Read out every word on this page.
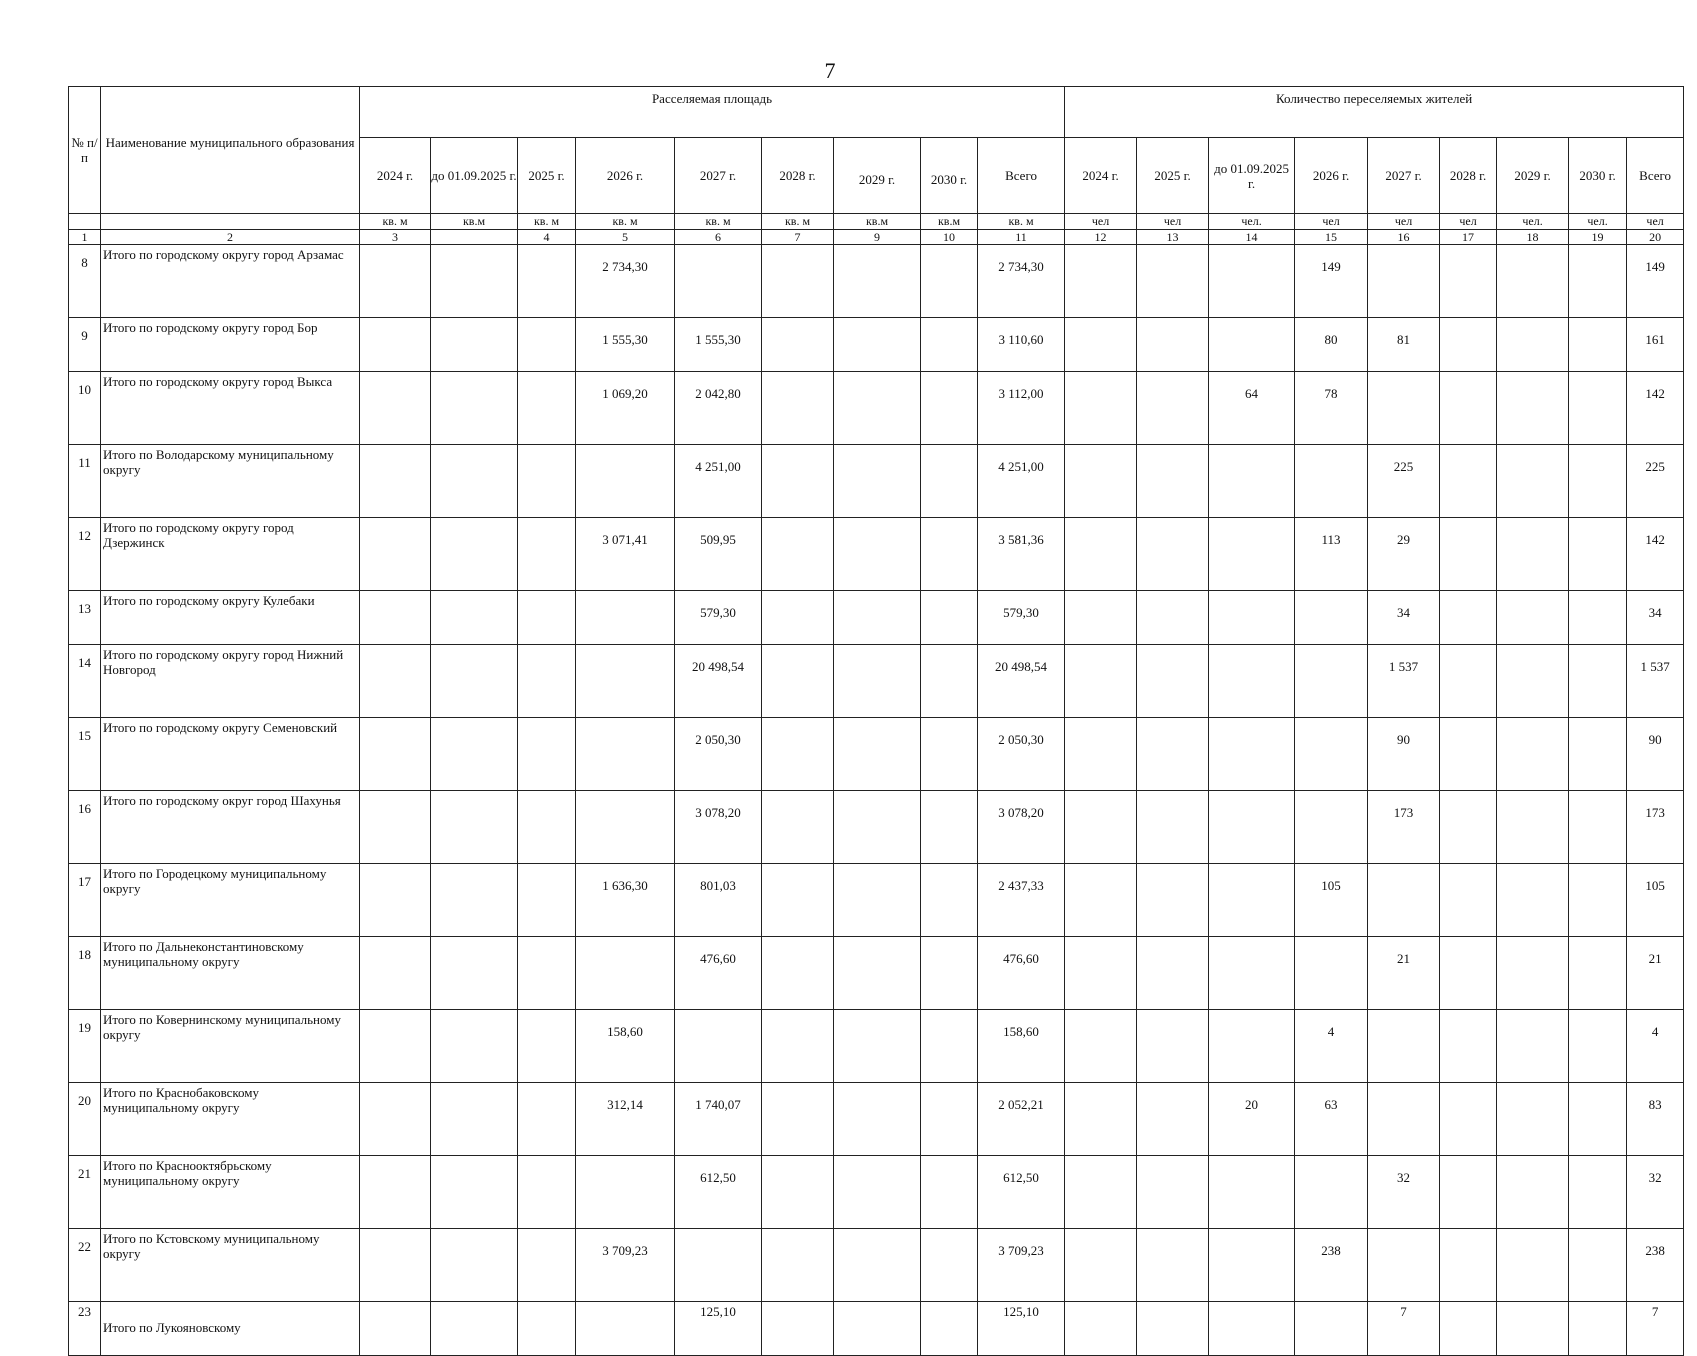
7
№ п/п	Наименование муниципального образования	Расселяемая площадь									Количество переселяемых жителей								
		2024 г.	до 01.09.2025 г.	2025 г.	2026 г.	2027 г.	2028 г.	2029 г.	2030 г.	Всего	2024 г.	2025 г.	до 01.09.2025 г.	2026 г.	2027 г.	2028 г.	2029 г.	2030 г.	Всего
		кв. м	кв.м	кв. м	кв. м	кв. м	кв. м	кв.м	кв.м	кв. м	чел	чел	чел.	чел	чел	чел	чел.	чел.	чел
1	2	3		4	5	6	7	9	10	11	12	13	14	15	16	17	18	19	20
8	Итого по городскому округу город Арзамас				2 734,30					2 734,30				149					149
9	Итого по городскому округу город Бор				1 555,30	1 555,30				3 110,60				80	81				161
10	Итого по городскому округу город Выкса				1 069,20	2 042,80				3 112,00			64	78					142
11	Итого по Володарскому муниципальному округу					4 251,00				4 251,00					225				225
12	Итого по городскому округу город Дзержинск				3 071,41	509,95				3 581,36				113	29				142
13	Итого по городскому округу Кулебаки					579,30				579,30					34				34
14	Итого по городскому округу город Нижний Новгород					20 498,54				20 498,54					1 537				1 537
15	Итого по городскому округу Семеновский					2 050,30				2 050,30					90				90
16	Итого по городскому округ город Шахунья					3 078,20				3 078,20					173				173
17	Итого по Городецкому муниципальному округу				1 636,30	801,03				2 437,33				105					105
18	Итого по Дальнеконстантиновскому муниципальному округу					476,60				476,60					21				21
19	Итого по Ковернинскому муниципальному округу				158,60					158,60				4					4
20	Итого по Краснобаковскому муниципальному округу				312,14	1 740,07				2 052,21			20	63					83
21	Итого по Краснооктябрьскому муниципальному округу					612,50				612,50					32				32
22	Итого по Кстовскому муниципальному округу				3 709,23					3 709,23				238					238
23	Итого по Лукояновскому					125,10				125,10					7				7
